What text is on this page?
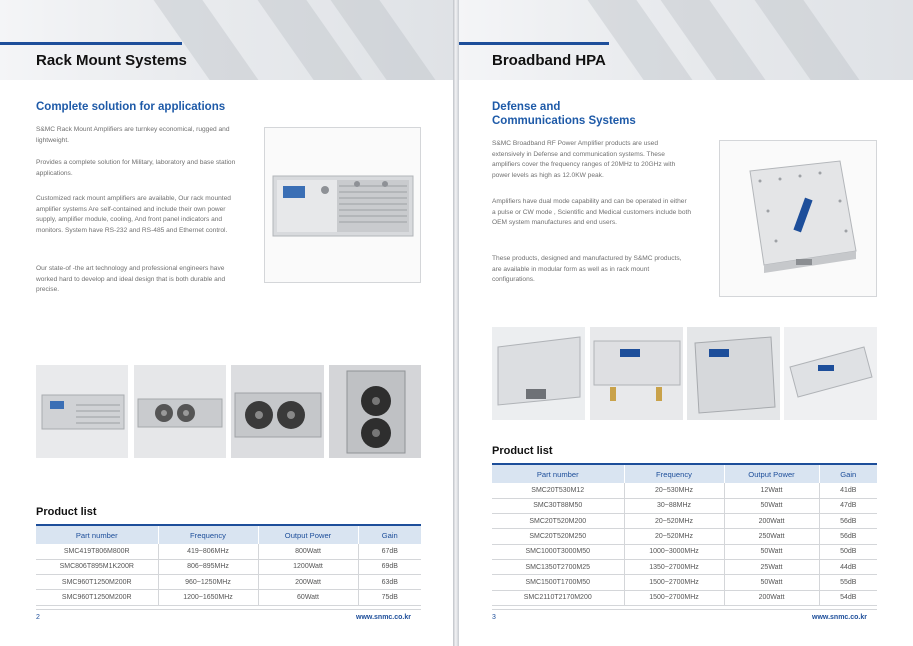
Rack Mount Systems
Complete solution for applications
S&MC Rack Mount Amplifiers are turnkey economical, rugged and lightweight.
Provides a complete solution for Military, laboratory and base station applications.
Customized rack mount amplifiers are available, Our rack mounted amplifier systems Are self-contained and include their own power supply, amplifier module, cooling, And front panel indicators and monitors. System have RS-232 and RS-485 and Ethernet control.
Our state-of -the art technology and professional engineers have worked hard to develop and ideal design that is both durable and precise.
Product list
Part number	Frequency	Output Power	Gain
SMC419T806M800R	419~806MHz	800Watt	67dB
SMC806T895M1K200R	806~895MHz	1200Watt	69dB
SMC960T1250M200R	960~1250MHz	200Watt	63dB
SMC960T1250M200R	1200~1650MHz	60Watt	75dB
2	www.snmc.co.kr
Broadband HPA
Defense and
Communications Systems
S&MC Broadband RF Power Amplifier products are used extensively in Defense and communication systems. These amplifiers cover the frequency ranges of 20MHz to 20GHz with power levels as high as 12.0KW peak.
Amplifiers have dual mode capability and can be operated in either a pulse or CW mode , Scientific and Medical customers include both OEM system manufactures and end users.
These products, designed and manufactured by S&MC products, are available in modular form as well as in rack mount configurations.
Product list
Part number	Frequency	Output Power	Gain
SMC20T530M12	20~530MHz	12Watt	41dB
SMC30T88M50	30~88MHz	50Watt	47dB
SMC20T520M200	20~520MHz	200Watt	56dB
SMC20T520M250	20~520MHz	250Watt	56dB
SMC1000T3000M50	1000~3000MHz	50Watt	50dB
SMC1350T2700M25	1350~2700MHz	25Watt	44dB
SMC1500T1700M50	1500~2700MHz	50Watt	55dB
SMC2110T2170M200	1500~2700MHz	200Watt	54dB
3	www.snmc.co.kr
